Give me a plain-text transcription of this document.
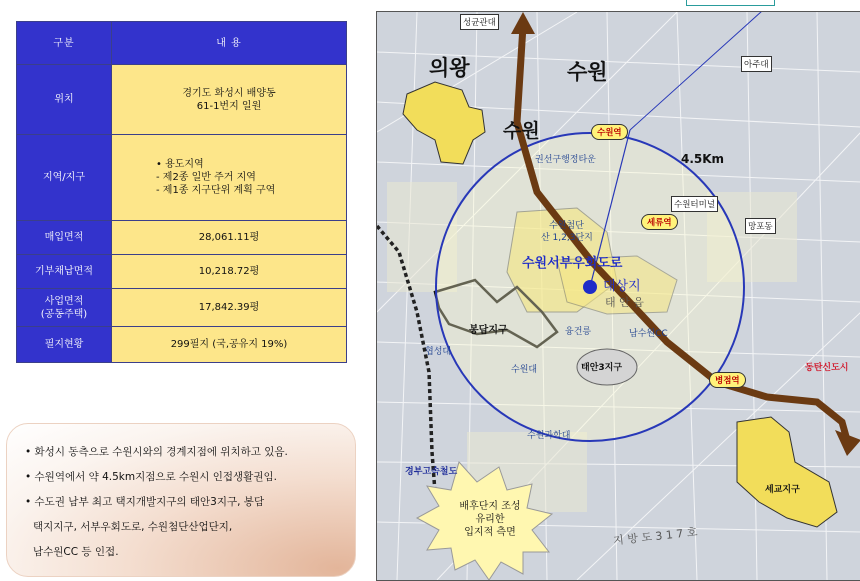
구분	내 용
위치	경기도 화성시 배양동
61-1번지 일원

지역/지구	• 용도지역
- 제2종 일반 주거 지역
- 제1종 지구단위 계획 구역

매입면적	28,061.11평
기부채납면적	10,218.72평

사업면적
(공동주택)	17,842.39평
필지현황	299필지 (국,공유지 19%)
• 화성시 동측으로 수원시와의 경계지점에 위치하고 있음.
• 수원역에서 약 4.5km지점으로 수원시 인접생활권임.
• 수도권 남부 최고 택지개발지구의 태안3지구, 봉담
택지지구, 서부우회도로, 수원첨단산업단지,
남수원CC 등 인접.
성균관대
의왕	수원	아주대
수원	수원역
권선구행정타운	4.5Km
수원터미널
세류역	망포동
수원첨단
산 1,2,3단지
수원서부우회도로
대상지
태 안 읍
봉담지구	융건릉	남수원CC
협성대
수원대	태안3지구	동탄신도시
병점역
수원과학대
경부고속철도
세교지구
지 방 도 3 1 7 호
배후단지 조성
유리한
입지적 측면
